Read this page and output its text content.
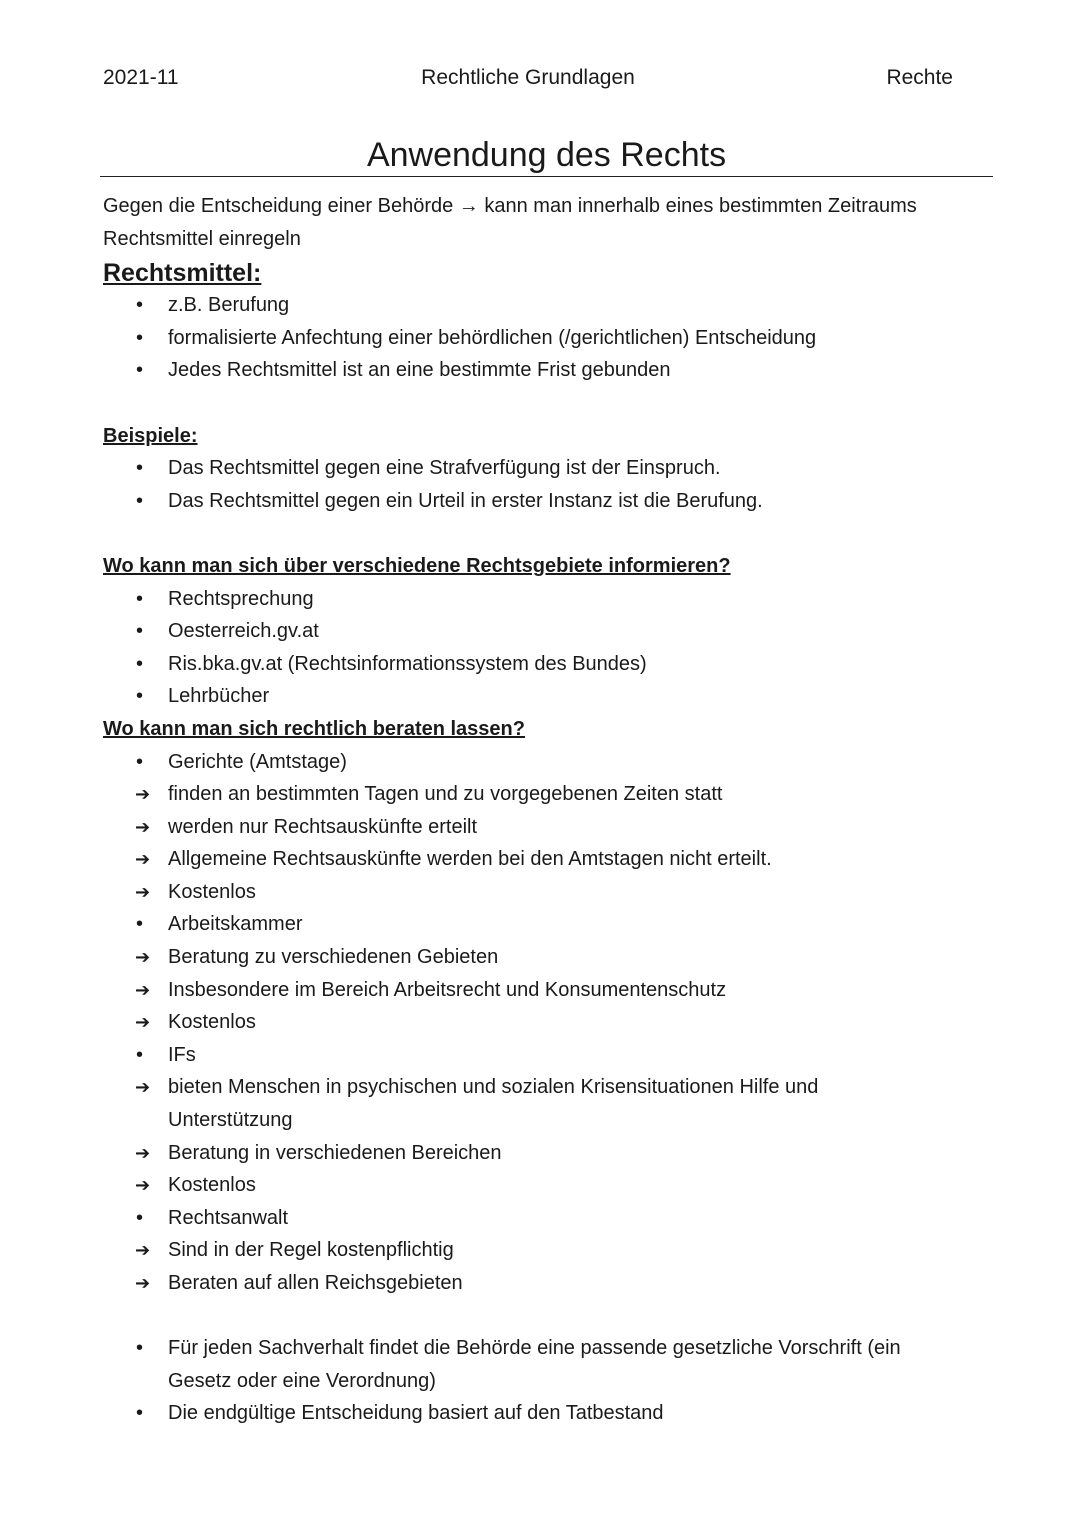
2021-11	Rechtliche Grundlagen	Rechte
Anwendung des Rechts

Gegen die Entscheidung einer Behörde → kann man innerhalb eines bestimmten Zeitraums
Rechtsmittel einregeln

Rechtsmittel:

• z.B. Berufung
• formalisierte Anfechtung einer behördlichen (/gerichtlichen) Entscheidung
• Jedes Rechtsmittel ist an eine bestimmte Frist gebunden

Beispiele:

• Das Rechtsmittel gegen eine Strafverfügung ist der Einspruch.
• Das Rechtsmittel gegen ein Urteil in erster Instanz ist die Berufung.

Wo kann man sich über verschiedene Rechtsgebiete informieren?

• Rechtsprechung
• Oesterreich.gv.at
• Ris.bka.gv.at (Rechtsinformationssystem des Bundes)
• Lehrbücher

Wo kann man sich rechtlich beraten lassen?

• Gerichte (Amtstage)
➔ finden an bestimmten Tagen und zu vorgegebenen Zeiten statt
➔ werden nur Rechtsauskünfte erteilt
➔ Allgemeine Rechtsauskünfte werden bei den Amtstagen nicht erteilt.
➔ Kostenlos
• Arbeitskammer
➔ Beratung zu verschiedenen Gebieten
➔ Insbesondere im Bereich Arbeitsrecht und Konsumentenschutz
➔ Kostenlos
• IFs
➔ bieten Menschen in psychischen und sozialen Krisensituationen Hilfe und Unterstützung
➔ Beratung in verschiedenen Bereichen
➔ Kostenlos
• Rechtsanwalt
➔ Sind in der Regel kostenpflichtig
➔ Beraten auf allen Reichsgebieten
• Für jeden Sachverhalt findet die Behörde eine passende gesetzliche Vorschrift (ein Gesetz oder eine Verordnung)
• Die endgültige Entscheidung basiert auf den Tatbestand
